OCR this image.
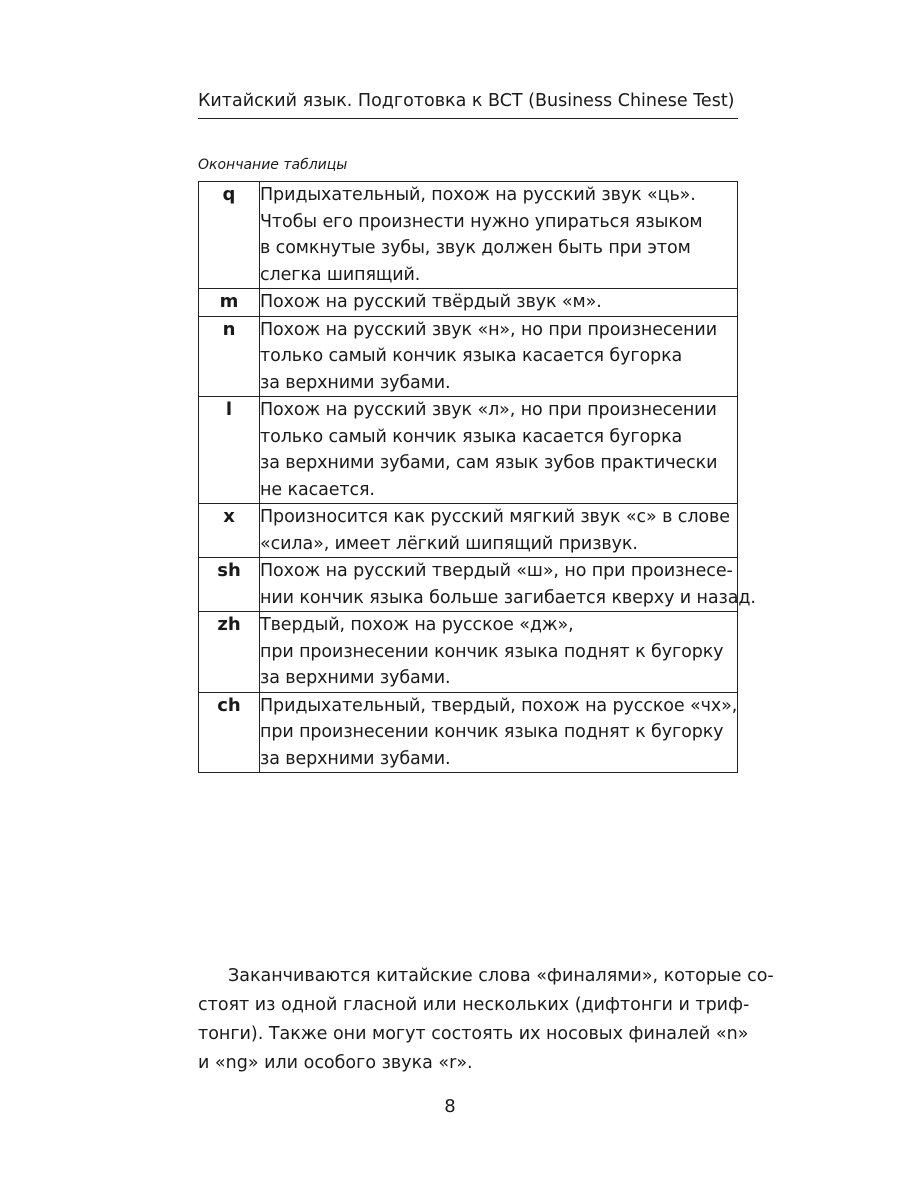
Китайский язык. Подготовка к BCT (Business Chinese Test)
Окончание таблицы
q	Придыхательный, похож на русский звук «ць».
Чтобы его произнести нужно упираться языком
в сомкнутые зубы, звук должен быть при этом
слегка шипящий.

m	Похож на русский твёрдый звук «м».

n	Похож на русский звук «н», но при произнесении
только самый кончик языка касается бугорка
за верхними зубами.

l	Похож на русский звук «л», но при произнесении
только самый кончик языка касается бугорка
за верхними зубами, сам язык зубов практически
не касается.

x	Произносится как русский мягкий звук «с» в слове
«сила», имеет лёгкий шипящий призвук.

sh	Похож на русский твердый «ш», но при произнесе-
нии кончик языка больше загибается кверху и назад.

zh	Твердый, похож на русское «дж»,
при произнесении кончик языка поднят к бугорку
за верхними зубами.

ch	Придыхательный, твердый, похож на русское «чх»,
при произнесении кончик языка поднят к бугорку
за верхними зубами.
Заканчиваются китайские слова «финалями», которые со-
стоят из одной гласной или нескольких (дифтонги и триф-
тонги). Также они могут состоять их носовых финалей «n»
и «ng» или особого звука «r».
8
